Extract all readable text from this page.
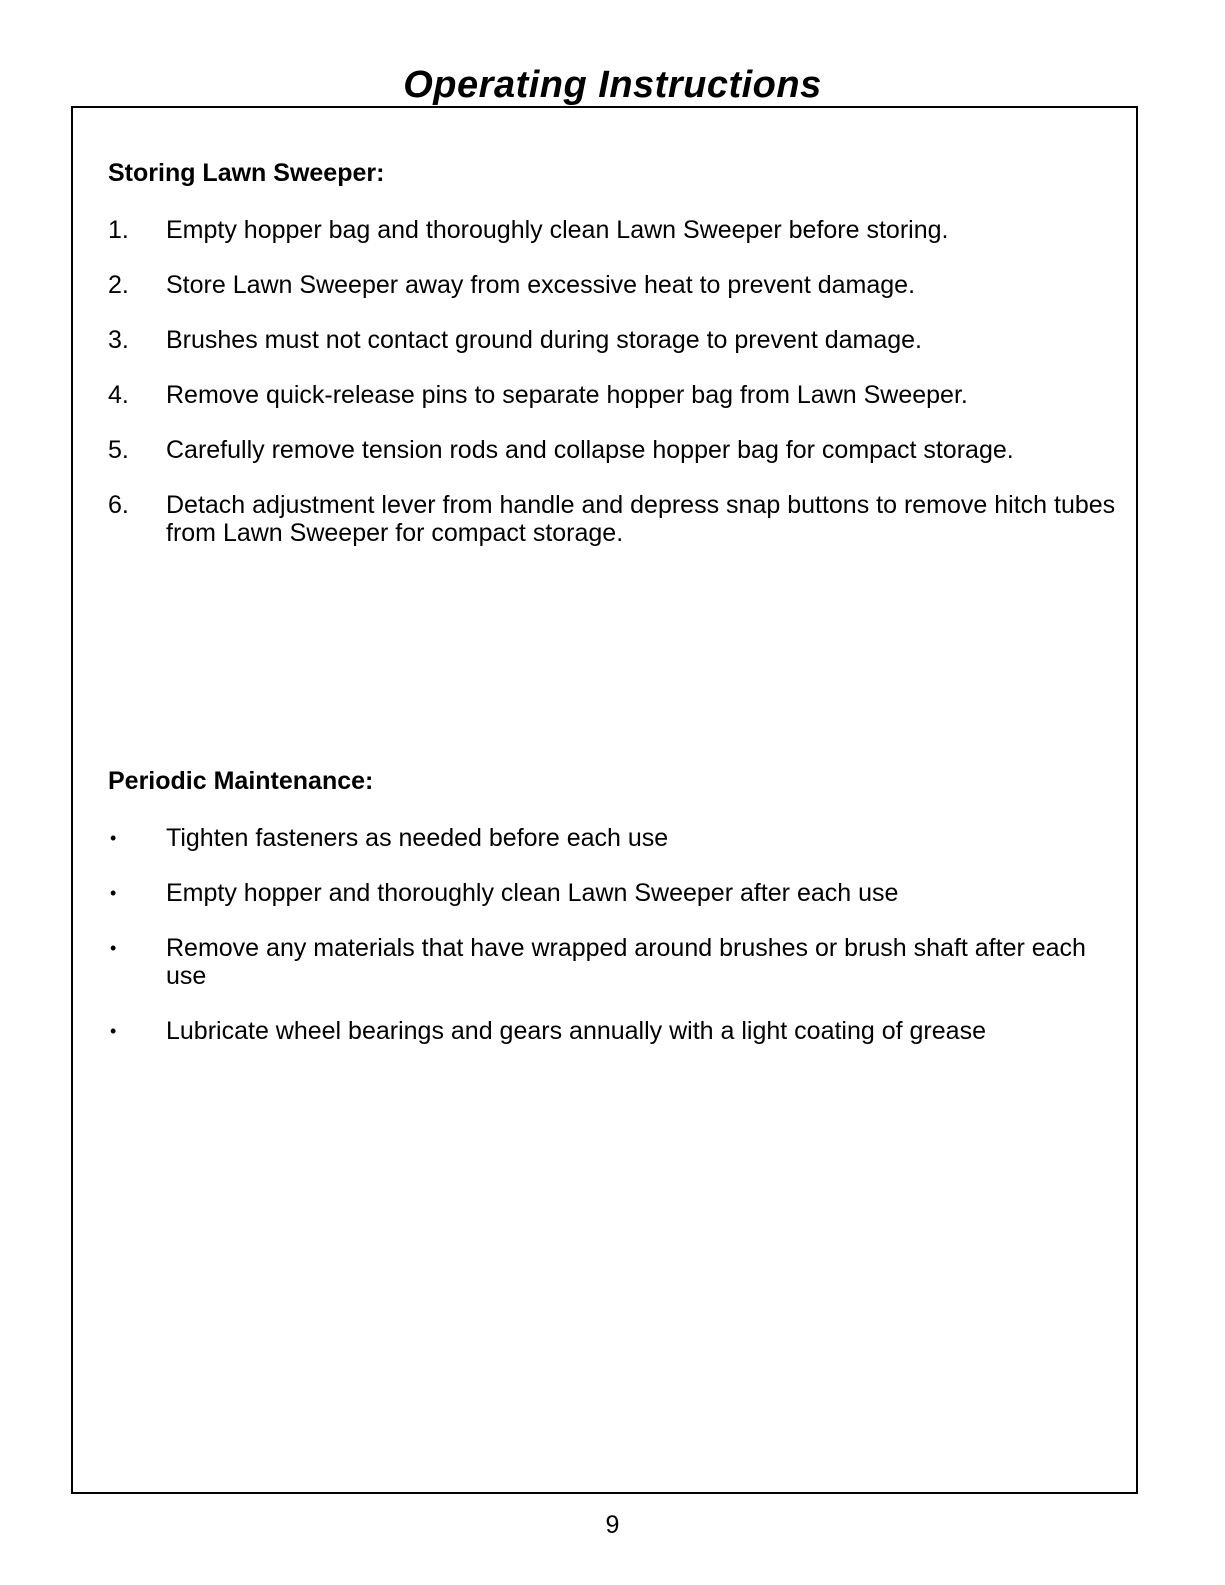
Operating Instructions
Storing Lawn Sweeper:
1.	Empty hopper bag and thoroughly clean Lawn Sweeper before storing.
2.	Store Lawn Sweeper away from excessive heat to prevent damage.
3.	Brushes must not contact ground during storage to prevent damage.
4.	Remove quick-release pins to separate hopper bag from Lawn Sweeper.
5.	Carefully remove tension rods and collapse hopper bag for compact storage.
6.	Detach adjustment lever from handle and depress snap buttons to remove hitch tubes from Lawn Sweeper for compact storage.
Periodic Maintenance:
•	Tighten fasteners as needed before each use
•	Empty hopper and thoroughly clean Lawn Sweeper after each use
•	Remove any materials that have wrapped around brushes or brush shaft after each use
•	Lubricate wheel bearings and gears annually with a light coating of grease
9
